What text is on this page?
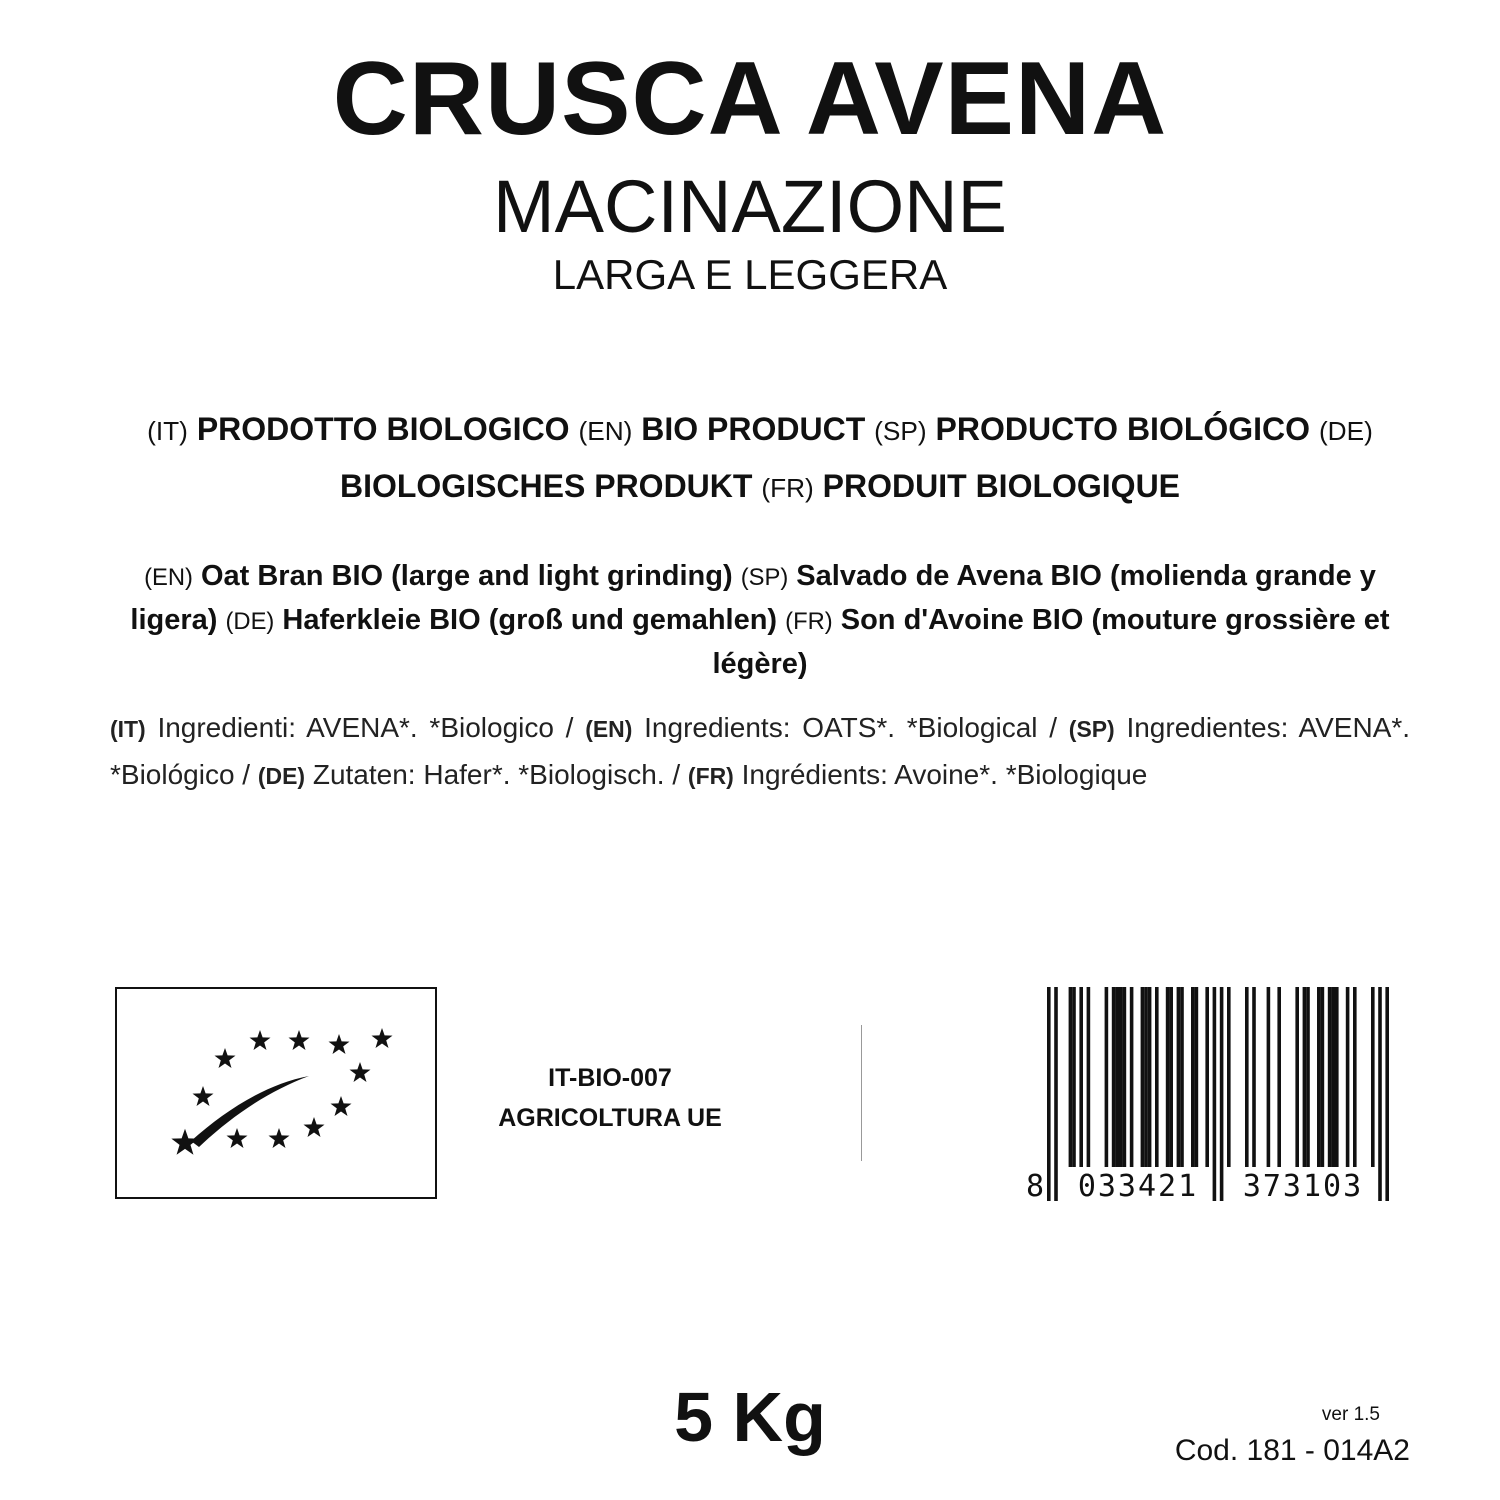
CRUSCA AVENA
MACINAZIONE
LARGA E LEGGERA
(IT) PRODOTTO BIOLOGICO (EN) BIO PRODUCT (SP) PRODUCTO BIOLÓGICO (DE) BIOLOGISCHES PRODUKT (FR) PRODUIT BIOLOGIQUE
(EN) Oat Bran BIO (large and light grinding) (SP) Salvado de Avena BIO (molienda grande y ligera) (DE) Haferkleie BIO (groß und gemahlen) (FR) Son d'Avoine BIO (mouture grossière et légère)
(IT) Ingredienti: AVENA*. *Biologico / (EN) Ingredients: OATS*. *Biological / (SP) Ingredientes: AVENA*. *Biológico / (DE) Zutaten: Hafer*. *Biologisch. / (FR) Ingrédients: Avoine*. *Biologique
IT-BIO-007
AGRICOLTURA UE
8 033421 373103
5 Kg	ver 1.5
Cod. 181 - 014A2
